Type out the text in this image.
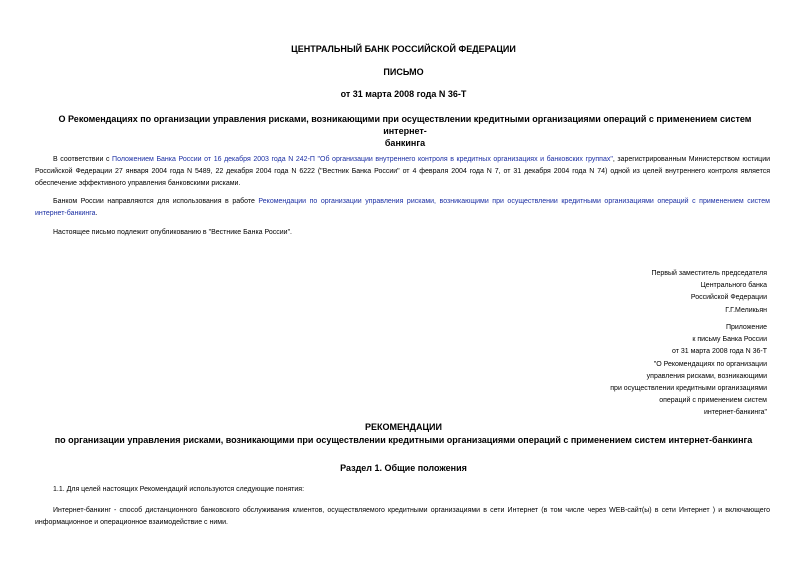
ЦЕНТРАЛЬНЫЙ БАНК РОССИЙСКОЙ ФЕДЕРАЦИИ
ПИСЬМО
от 31 марта 2008 года N 36-Т
О Рекомендациях по организации управления рисками, возникающими при осуществлении кредитными организациями операций с применением систем интернет-
банкинга
В соответствии с Положением Банка России от 16 декабря 2003 года N 242-П "Об организации внутреннего контроля в кредитных организациях и банковских группах", зарегистрированным Министерством юстиции Российской Федерации 27 января 2004 года N 5489, 22 декабря 2004 года N 6222 ("Вестник Банка России" от 4 февраля 2004 года N 7, от 31 декабря 2004 года N 74) одной из целей внутреннего контроля является обеспечение эффективного управления банковскими рисками.
Банком России направляются для использования в работе Рекомендации по организации управления рисками, возникающими при осуществлении кредитными организациями операций с применением систем интернет-банкинга.
Настоящее письмо подлежит опубликованию в "Вестнике Банка России".
Первый заместитель председателя
Центрального банка
Российской Федерации
Г.Г.Меликьян
Приложение
к письму Банка России
от 31 марта 2008 года N 36-Т
"О Рекомендациях по организации
управления рисками, возникающими
при осуществлении кредитными организациями
операций с применением систем
интернет-банкинга"
РЕКОМЕНДАЦИИ
по организации управления рисками, возникающими при осуществлении кредитными организациями операций с применением систем интернет-банкинга
Раздел 1. Общие положения
1.1. Для целей настоящих Рекомендаций используются следующие понятия:
Интернет-банкинг - способ дистанционного банковского обслуживания клиентов, осуществляемого кредитными организациями в сети Интернет (в том числе через WEB-сайт(ы) в сети Интернет ) и включающего информационное и операционное взаимодействие с ними.
